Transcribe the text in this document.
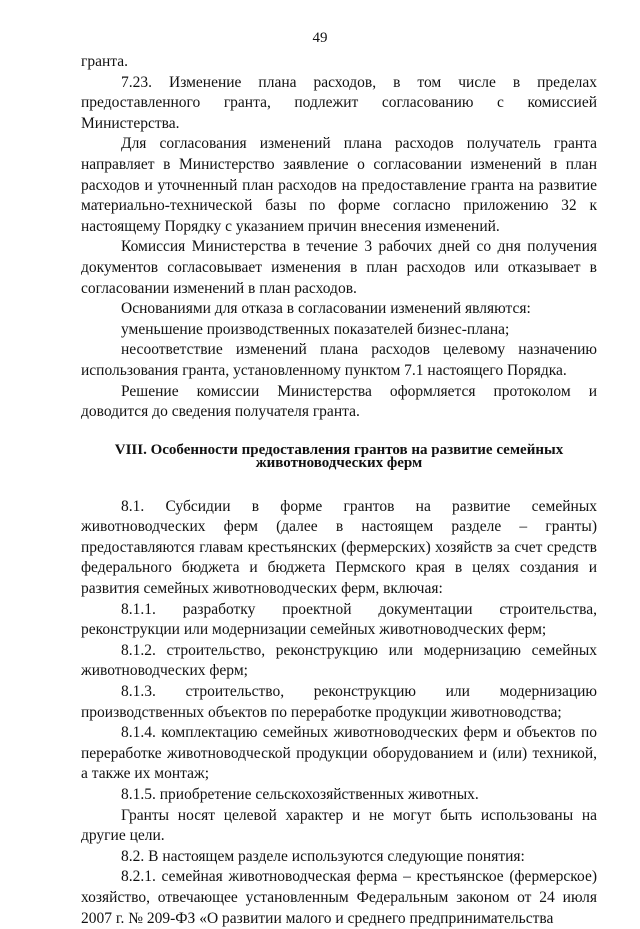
49

гранта.

7.23. Изменение плана расходов, в том числе в пределах предоставленного гранта, подлежит согласованию с комиссией Министерства.

Для согласования изменений плана расходов получатель гранта направляет в Министерство заявление о согласовании изменений в план расходов и уточненный план расходов на предоставление гранта на развитие материально-технической базы по форме согласно приложению 32 к настоящему Порядку с указанием причин внесения изменений.

Комиссия Министерства в течение 3 рабочих дней со дня получения документов согласовывает изменения в план расходов или отказывает в согласовании изменений в план расходов.

Основаниями для отказа в согласовании изменений являются:

уменьшение производственных показателей бизнес-плана;

несоответствие изменений плана расходов целевому назначению использования гранта, установленному пунктом 7.1 настоящего Порядка.

Решение комиссии Министерства оформляется протоколом и доводится до сведения получателя гранта.

VIII. Особенности предоставления грантов на развитие семейных
животноводческих ферм

8.1. Субсидии в форме грантов на развитие семейных животноводческих ферм (далее в настоящем разделе – гранты) предоставляются главам крестьянских (фермерских) хозяйств за счет средств федерального бюджета и бюджета Пермского края в целях создания и развития семейных животноводческих ферм, включая:

8.1.1. разработку проектной документации строительства, реконструкции или модернизации семейных животноводческих ферм;

8.1.2. строительство, реконструкцию или модернизацию семейных животноводческих ферм;

8.1.3. строительство, реконструкцию или модернизацию производственных объектов по переработке продукции животноводства;

8.1.4. комплектацию семейных животноводческих ферм и объектов по переработке животноводческой продукции оборудованием и (или) техникой, а также их монтаж;

8.1.5. приобретение сельскохозяйственных животных.

Гранты носят целевой характер и не могут быть использованы на другие цели.

8.2. В настоящем разделе используются следующие понятия:

8.2.1. семейная животноводческая ферма – крестьянское (фермерское) хозяйство, отвечающее установленным Федеральным законом от 24 июля 2007 г. № 209-ФЗ «О развитии малого и среднего предпринимательства
